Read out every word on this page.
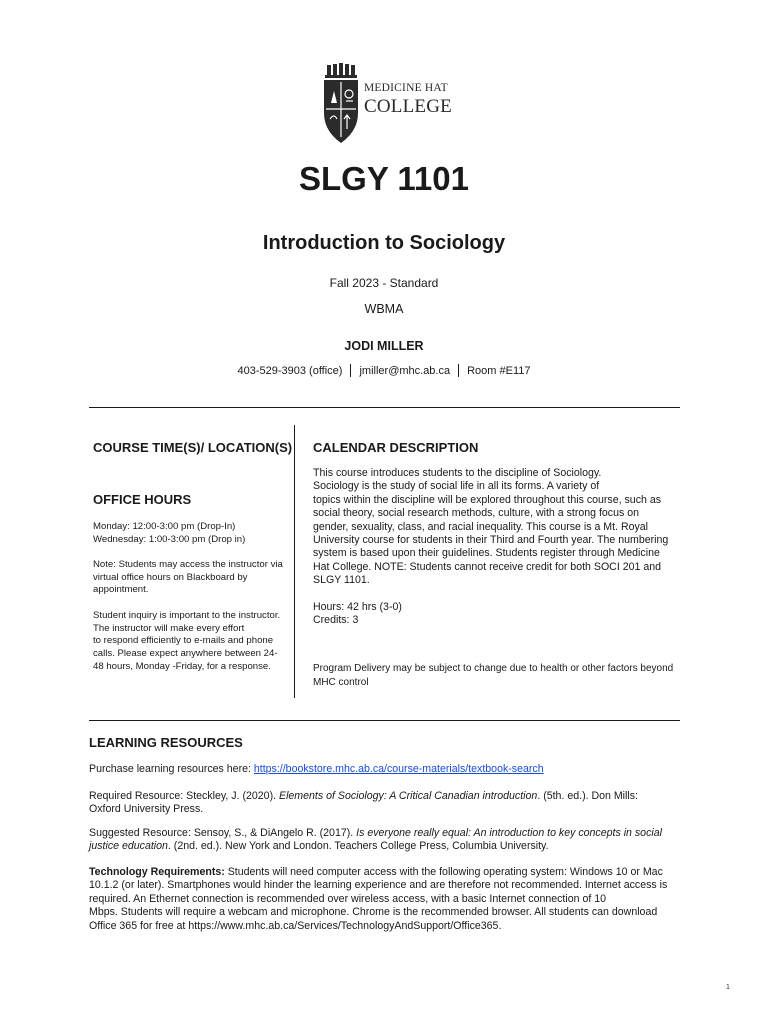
MEDICINE HAT
COLLEGE
SLGY 1101
Introduction to Sociology
Fall 2023 - Standard
WBMA
JODI MILLER
403-529-3903 (office) jmiller@mhc.ab.ca Room #E117
COURSE TIME(S)/ LOCATION(S)
OFFICE HOURS
Monday: 12:00-3:00 pm (Drop-In)
Wednesday: 1:00-3:00 pm (Drop in)
Note: Students may access the instructor via
virtual office hours on Blackboard by
appointment.
Student inquiry is important to the instructor.
The instructor will make every effort
to respond efficiently to e-mails and phone
calls. Please expect anywhere between 24-
48 hours, Monday -Friday, for a response.
CALENDAR DESCRIPTION
This course introduces students to the discipline of Sociology.
Sociology is the study of social life in all its forms. A variety of
topics within the discipline will be explored throughout this course, such as
social theory, social research methods, culture, with a strong focus on
gender, sexuality, class, and racial inequality. This course is a Mt. Royal
University course for students in their Third and Fourth year. The numbering
system is based upon their guidelines. Students register through Medicine
Hat College. NOTE: Students cannot receive credit for both SOCI 201 and
SLGY 1101.
Hours: 42 hrs (3-0)
Credits: 3
Program Delivery may be subject to change due to health or other factors beyond
MHC control
LEARNING RESOURCES
Purchase learning resources here: https://bookstore.mhc.ab.ca/course-materials/textbook-search
Required Resource: Steckley, J. (2020). Elements of Sociology: A Critical Canadian introduction. (5th. ed.). Don Mills:
Oxford University Press.
Suggested Resource: Sensoy, S., & DiAngelo R. (2017). Is everyone really equal: An introduction to key concepts in social
justice education. (2nd. ed.). New York and London. Teachers College Press, Columbia University.
Technology Requirements: Students will need computer access with the following operating system: Windows 10 or Mac
10.1.2 (or later). Smartphones would hinder the learning experience and are therefore not recommended. Internet access is
required. An Ethernet connection is recommended over wireless access, with a basic Internet connection of 10
Mbps. Students will require a webcam and microphone. Chrome is the recommended browser. All students can download
Office 365 for free at https://www.mhc.ab.ca/Services/TechnologyAndSupport/Office365.
1
